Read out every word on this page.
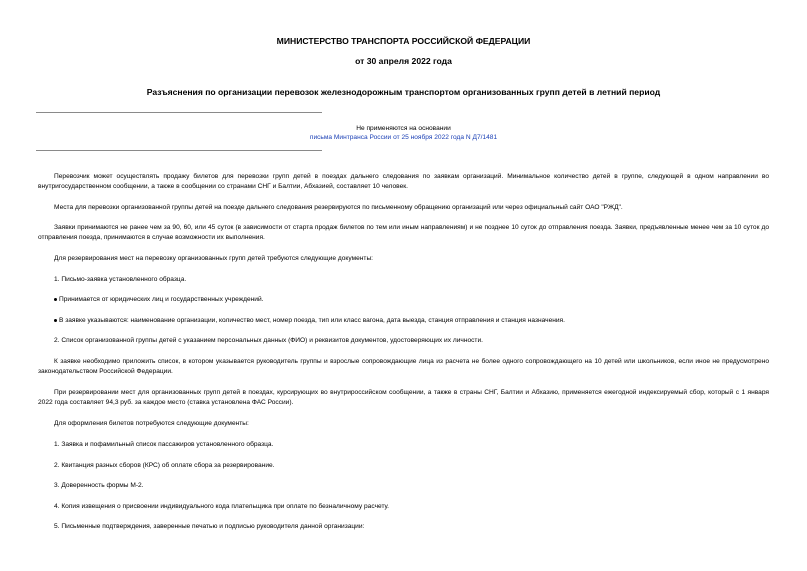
МИНИСТЕРСТВО ТРАНСПОРТА РОССИЙСКОЙ ФЕДЕРАЦИИ
от 30 апреля 2022 года
Разъяснения по организации перевозок железнодорожным транспортом организованных групп детей в летний период
Не применяются на основании
письма Минтранса России от 25 ноября 2022 года N Д7/1481
Перевозчик может осуществлять продажу билетов для перевозки групп детей в поездах дальнего следования по заявкам организаций. Минимальное количество детей в группе, следующей в одном направлении во внутригосударственном сообщении, а также в сообщении со странами СНГ и Балтии, Абхазией, составляет 10 человек.
Места для перевозки организованной группы детей на поезде дальнего следования резервируются по письменному обращению организаций или через официальный сайт ОАО "РЖД".
Заявки принимаются не ранее чем за 90, 60, или 45 суток (в зависимости от старта продаж билетов по тем или иным направлениям) и не позднее 10 суток до отправления поезда. Заявки, предъявленные менее чем за 10 суток до отправления поезда, принимаются в случае возможности их выполнения.
Для резервирования мест на перевозку организованных групп детей требуются следующие документы:
1. Письмо-заявка установленного образца.
Принимается от юридических лиц и государственных учреждений.
В заявке указываются: наименование организации, количество мест, номер поезда, тип или класс вагона, дата выезда, станция отправления и станция назначения.
2. Список организованной группы детей с указанием персональных данных (ФИО) и реквизитов документов, удостоверяющих их личности.
К заявке необходимо приложить список, в котором указывается руководитель группы и взрослые сопровождающие лица из расчета не более одного сопровождающего на 10 детей или школьников, если иное не предусмотрено законодательством Российской Федерации.
При резервировании мест для организованных групп детей в поездах, курсирующих во внутрироссийском сообщении, а также в страны СНГ, Балтии и Абхазию, применяется ежегодной индексируемый сбор, который с 1 января 2022 года составляет 94,3 руб. за каждое место (ставка установлена ФАС России).
Для оформления билетов потребуются следующие документы:
1. Заявка и пофамильный список пассажиров установленного образца.
2. Квитанция разных сборов (КРС) об оплате сбора за резервирование.
3. Доверенность формы М-2.
4. Копия извещения о присвоении индивидуального кода плательщика при оплате по безналичному расчету.
5. Письменные подтверждения, заверенные печатью и подписью руководителя данной организации:
